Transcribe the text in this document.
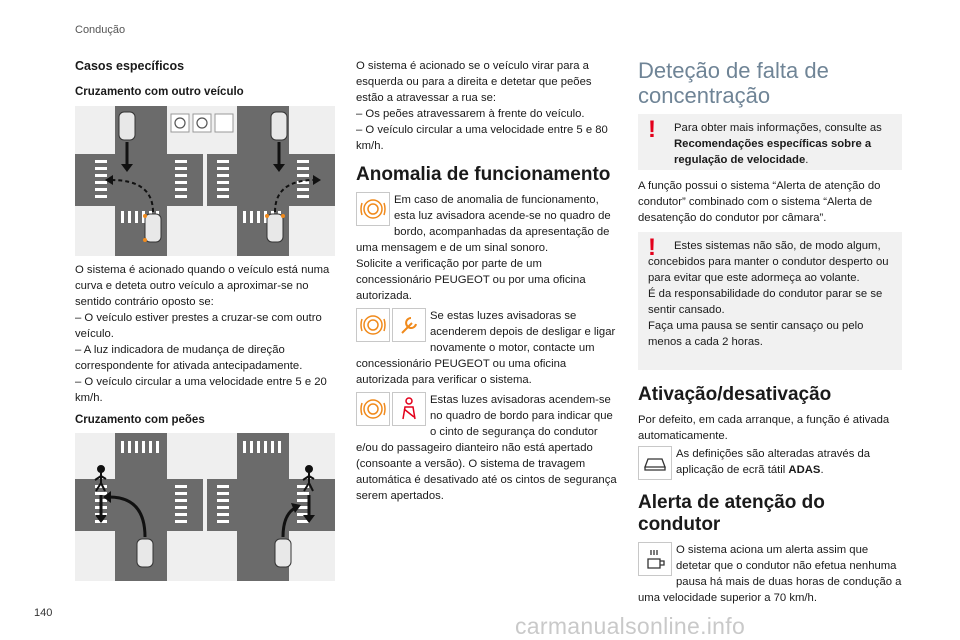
Condução
140	carmanualsonline.info

Casos específicos

Cruzamento com outro veículo

O sistema é acionado quando o veículo está numa

curva e deteta outro veículo a aproximar-se no

sentido contrário oposto se:

– O veículo estiver prestes a cruzar-se com outro

veículo.

– A luz indicadora de mudança de direção

correspondente for ativada antecipadamente.

– O veículo circular a uma velocidade entre 5 e 20

km/h.

Cruzamento com peões

O sistema é acionado se o veículo virar para a

esquerda ou para a direita e detetar que peões

estão a atravessar a rua se:

– Os peões atravessarem à frente do veículo.

– O veículo circular a uma velocidade entre 5 e 80

km/h.

Anomalia de funcionamento

Em caso de anomalia de funcionamento, esta luz avisadora acende-se no quadro de bordo, acompanhadas da apresentação de uma mensagem e de um sinal sonoro.

Solicite a verificação por parte de um concessionário PEUGEOT ou por uma oficina autorizada.

Se estas luzes avisadoras se acenderem depois de desligar e ligar novamente o motor, contacte um concessionário PEUGEOT ou uma oficina autorizada para verificar o sistema.

Estas luzes avisadoras acendem-se no quadro de bordo para indicar que o cinto de segurança do condutor e/ou do passageiro dianteiro não está apertado (consoante a versão). O sistema de travagem automática é desativado até os cintos de segurança serem apertados.

Deteção de falta de

concentração

!	Para obter mais informações, consulte as Recomendações específicas sobre a regulação de velocidade.

A função possui o sistema “Alerta de atenção do condutor” combinado com o sistema “Alerta de desatenção do condutor por câmara”.

!	Estes sistemas não são, de modo algum, concebidos para manter o condutor desperto ou para evitar que este adormeça ao volante.

É da responsabilidade do condutor parar se se sentir cansado.

Faça uma pausa se sentir cansaço ou pelo menos a cada 2 horas.

Ativação/desativação

Por defeito, em cada arranque, a função é ativada automaticamente.

As definições são alteradas através da aplicação de ecrã tátil ADAS.

Alerta de atenção do condutor

O sistema aciona um alerta assim que detetar que o condutor não efetua nenhuma pausa há mais de duas horas de condução a uma velocidade superior a 70 km/h.
